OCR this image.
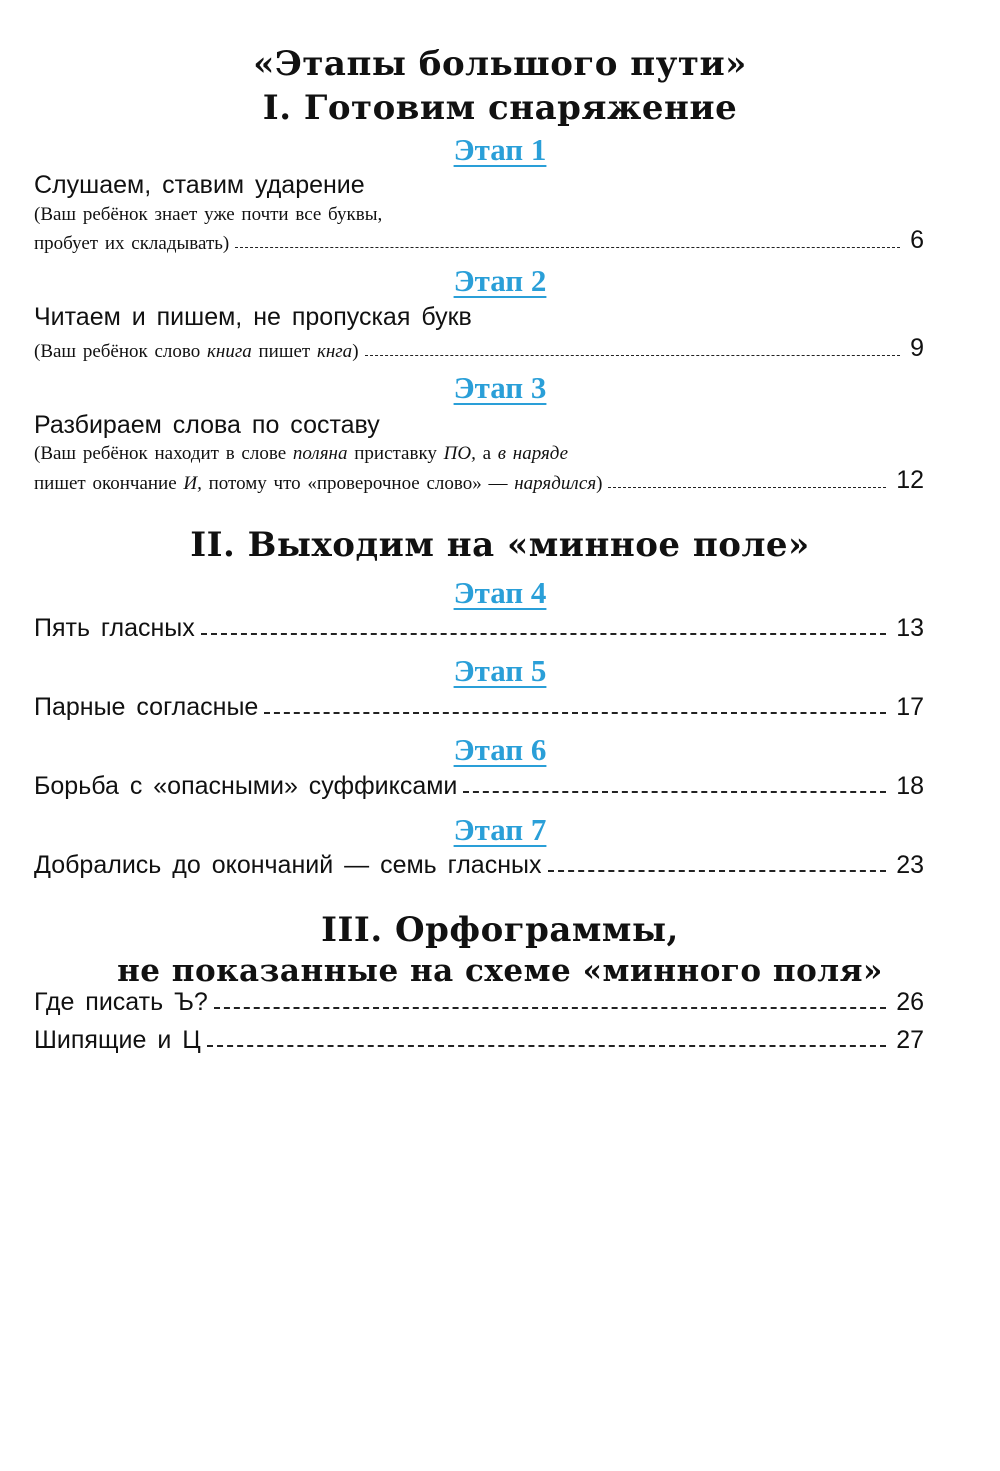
«Этапы большого пути»
I. Готовим снаряжение
Этап 1
Слушаем, ставим ударение
(Ваш ребёнок знает уже почти все буквы,
пробует их складывать)	6
Этап 2
Читаем и пишем, не пропуская букв
(Ваш ребёнок слово книга пишет кнга)	9
Этап 3
Разбираем слова по составу
(Ваш ребёнок находит в слове поляна приставку ПО, а в наряде
пишет окончание И, потому что «проверочное слово» — нарядился)	12
II. Выходим на «минное поле»
Этап 4
Пять гласных	13
Этап 5
Парные согласные	17
Этап 6
Борьба с «опасными» суффиксами	18
Этап 7
Добрались до окончаний — семь гласных	23
III. Орфограммы,
не показанные на схеме «минного поля»
Где писать Ъ?	26
Шипящие и Ц	27
